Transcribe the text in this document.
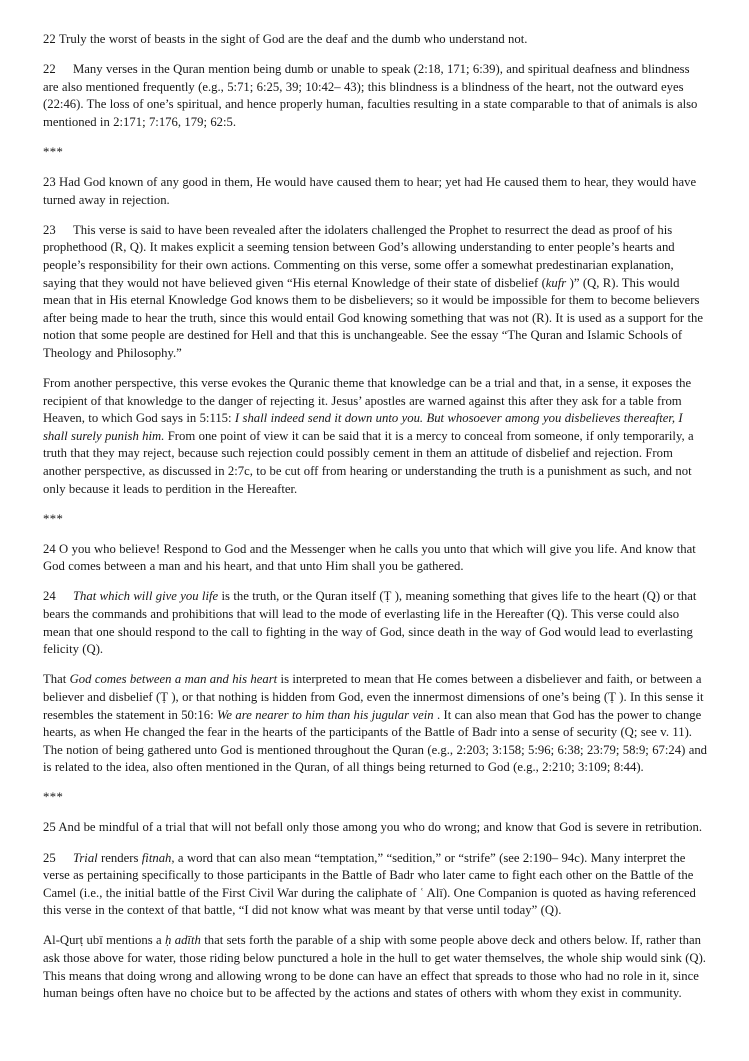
22 Truly the worst of beasts in the sight of God are the deaf and the dumb who understand not.

22 Many verses in the Quran mention being dumb or unable to speak (2:18, 171; 6:39), and spiritual deafness and blindness are also mentioned frequently (e.g., 5:71; 6:25, 39; 10:42– 43); this blindness is a blindness of the heart, not the outward eyes (22:46). The loss of one’s spiritual, and hence properly human, faculties resulting in a state comparable to that of animals is also mentioned in 2:171; 7:176, 179; 62:5.

***

23 Had God known of any good in them, He would have caused them to hear; yet had He caused them to hear, they would have turned away in rejection.

23 This verse is said to have been revealed after the idolaters challenged the Prophet to resurrect the dead as proof of his prophethood (R, Q). It makes explicit a seeming tension between God’s allowing understanding to enter people’s hearts and people’s responsibility for their own actions. Commenting on this verse, some offer a somewhat predestinarian explanation, saying that they would not have believed given “His eternal Knowledge of their state of disbelief (kufr )” (Q, R). This would mean that in His eternal Knowledge God knows them to be disbelievers; so it would be impossible for them to become believers after being made to hear the truth, since this would entail God knowing something that was not (R). It is used as a support for the notion that some people are destined for Hell and that this is unchangeable. See the essay “The Quran and Islamic Schools of Theology and Philosophy.”

From another perspective, this verse evokes the Quranic theme that knowledge can be a trial and that, in a sense, it exposes the recipient of that knowledge to the danger of rejecting it. Jesus’ apostles are warned against this after they ask for a table from Heaven, to which God says in 5:115: I shall indeed send it down unto you. But whosoever among you disbelieves thereafter, I shall surely punish him. From one point of view it can be said that it is a mercy to conceal from someone, if only temporarily, a truth that they may reject, because such rejection could possibly cement in them an attitude of disbelief and rejection. From another perspective, as discussed in 2:7c, to be cut off from hearing or understanding the truth is a punishment as such, and not only because it leads to perdition in the Hereafter.

***

24 O you who believe! Respond to God and the Messenger when he calls you unto that which will give you life. And know that God comes between a man and his heart, and that unto Him shall you be gathered.

24 That which will give you life is the truth, or the Quran itself (Ṭ ), meaning something that gives life to the heart (Q) or that bears the commands and prohibitions that will lead to the mode of everlasting life in the Hereafter (Q). This verse could also mean that one should respond to the call to fighting in the way of God, since death in the way of God would lead to everlasting felicity (Q).

That God comes between a man and his heart is interpreted to mean that He comes between a disbeliever and faith, or between a believer and disbelief (Ṭ ), or that nothing is hidden from God, even the innermost dimensions of one’s being (Ṭ ). In this sense it resembles the statement in 50:16: We are nearer to him than his jugular vein . It can also mean that God has the power to change hearts, as when He changed the fear in the hearts of the participants of the Battle of Badr into a sense of security (Q; see v. 11). The notion of being gathered unto God is mentioned throughout the Quran (e.g., 2:203; 3:158; 5:96; 6:38; 23:79; 58:9; 67:24) and is related to the idea, also often mentioned in the Quran, of all things being returned to God (e.g., 2:210; 3:109; 8:44).

***

25 And be mindful of a trial that will not befall only those among you who do wrong; and know that God is severe in retribution.

25 Trial renders fitnah, a word that can also mean “temptation,” “sedition,” or “strife” (see 2:190– 94c). Many interpret the verse as pertaining specifically to those participants in the Battle of Badr who later came to fight each other on the Battle of the Camel (i.e., the initial battle of the First Civil War during the caliphate of ʿ Alī). One Companion is quoted as having referenced this verse in the context of that battle, “I did not know what was meant by that verse until today” (Q).

Al-Qurṭ ubī mentions a ḥ adīth that sets forth the parable of a ship with some people above deck and others below. If, rather than ask those above for water, those riding below punctured a hole in the hull to get water themselves, the whole ship would sink (Q). This means that doing wrong and allowing wrong to be done can have an effect that spreads to those who had no role in it, since human beings often have no choice but to be affected by the actions and states of others with whom they exist in community.
